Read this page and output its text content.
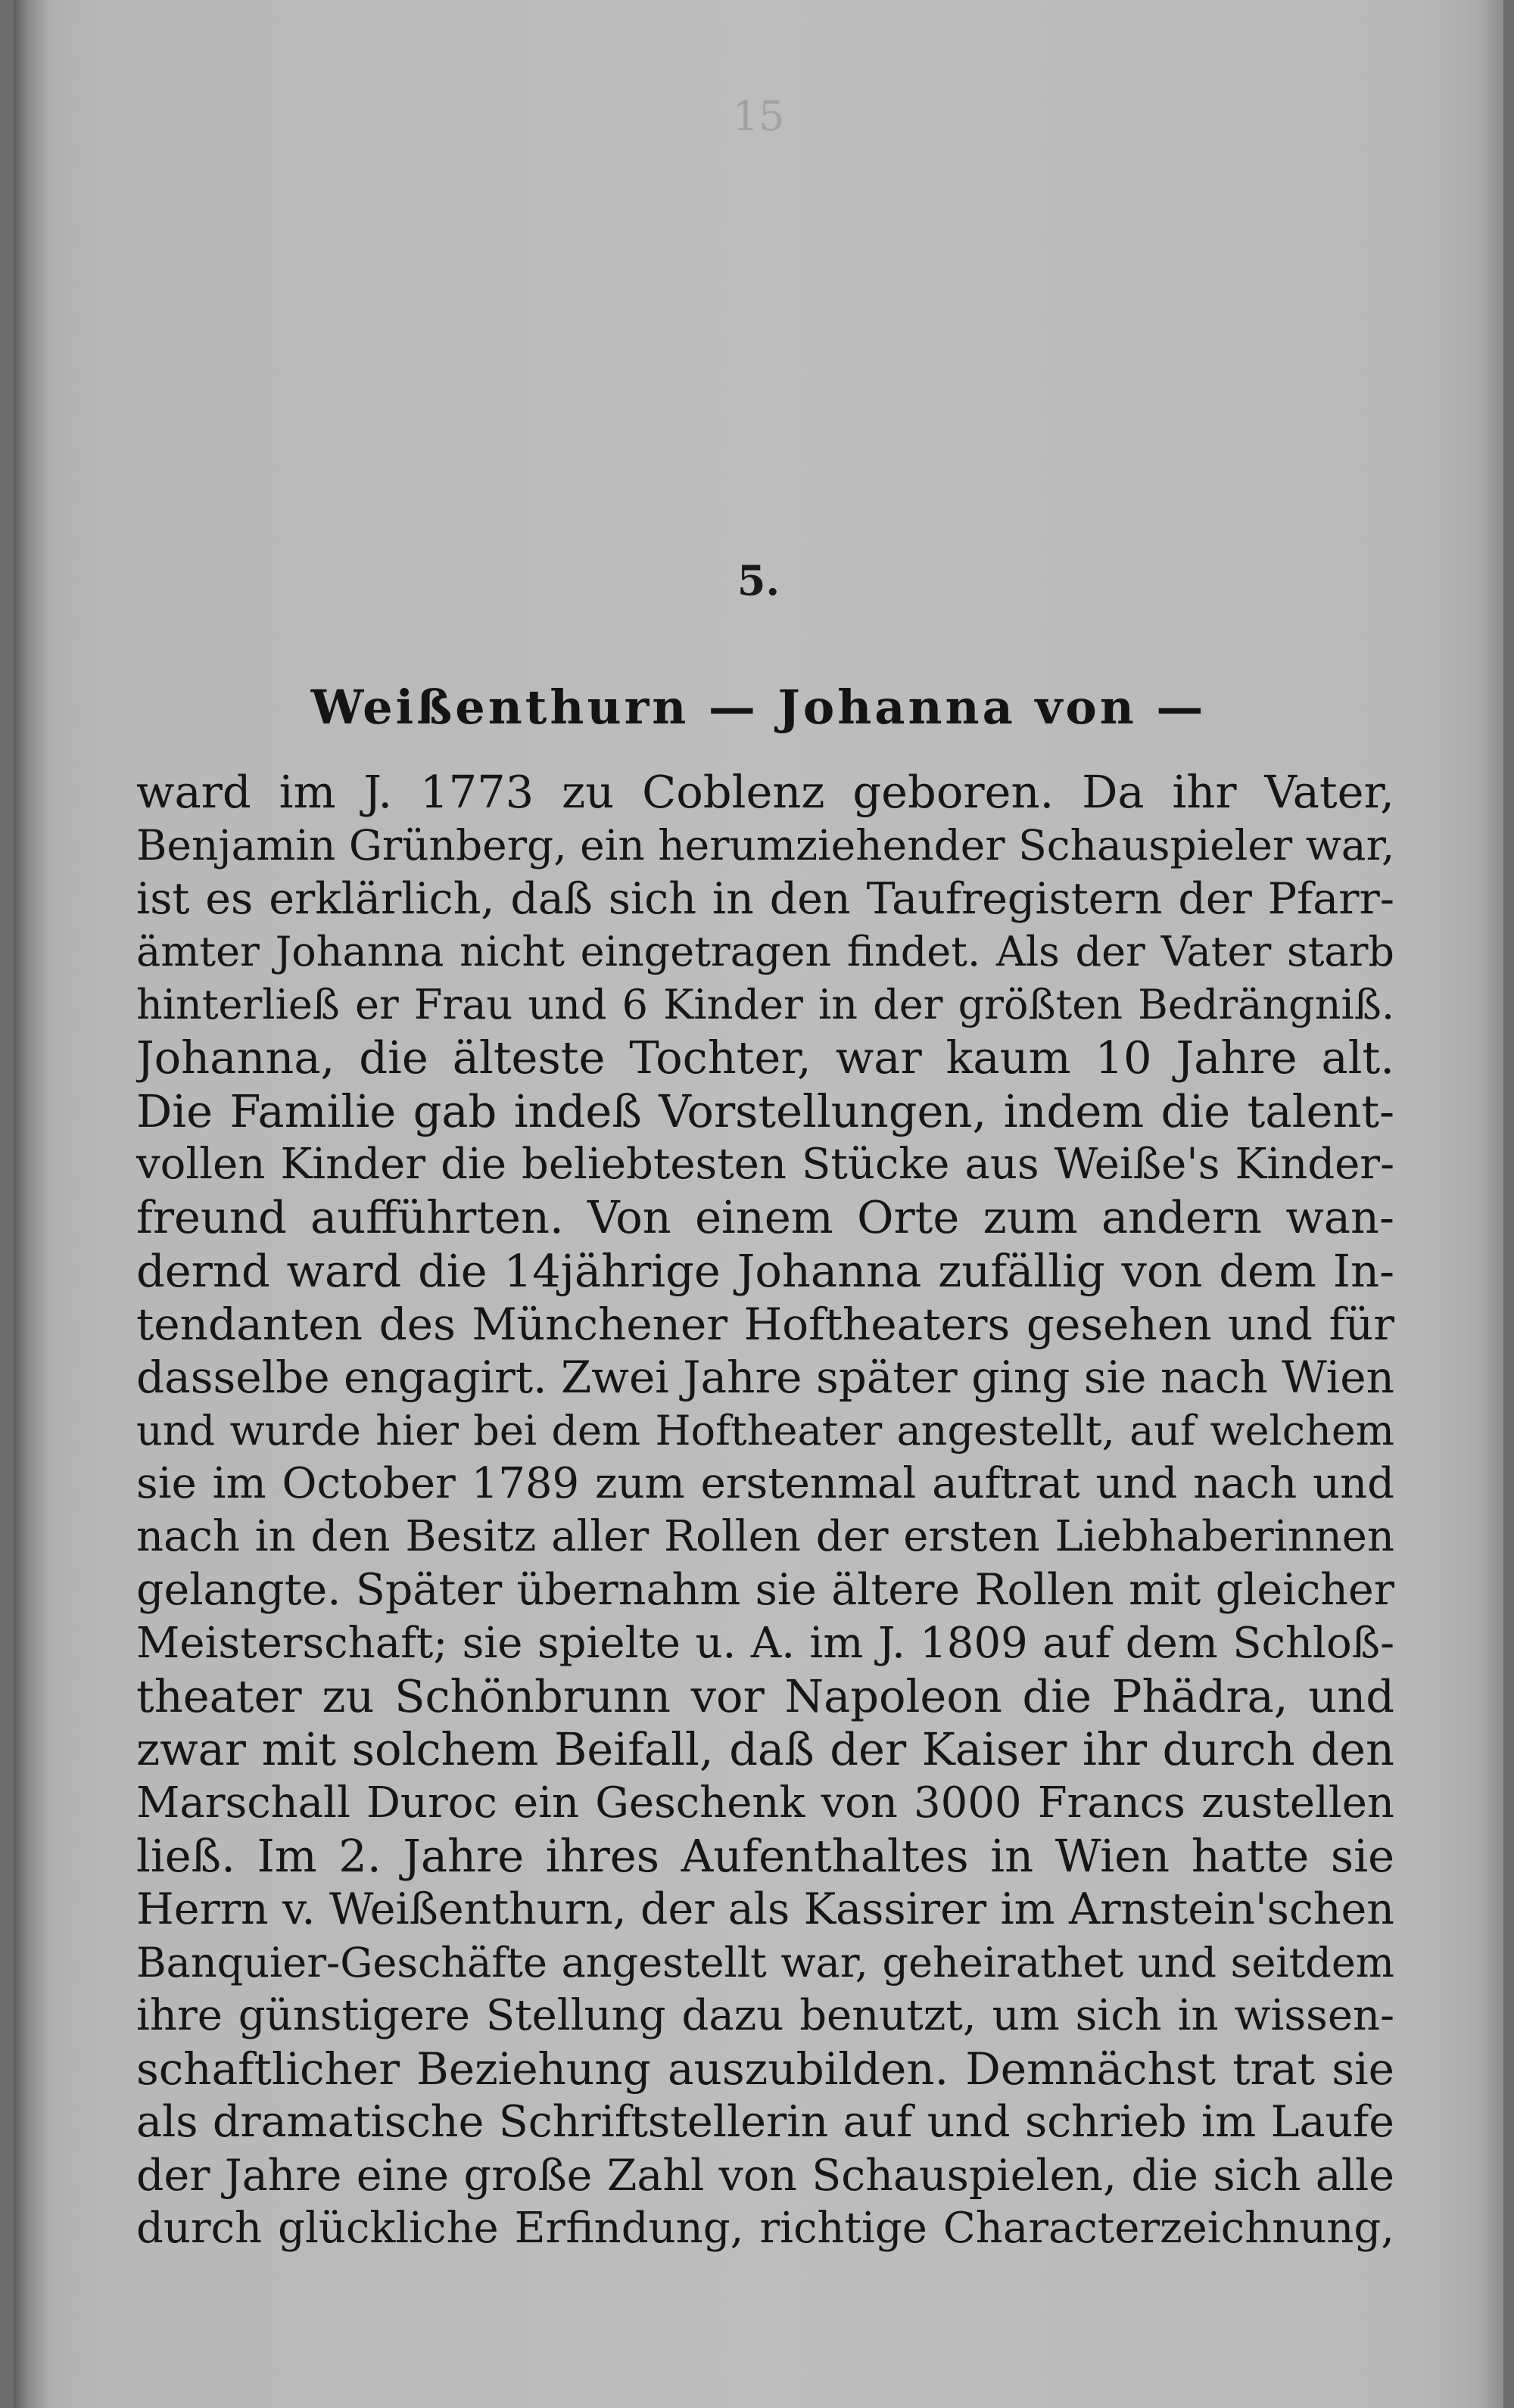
15
5.
Weißenthurn — Johanna von —
ward im J. 1773 zu Coblenz geboren. Da ihr Vater,
Benjamin Grünberg, ein herumziehender Schauspieler war,
ist es erklärlich, daß sich in den Taufregistern der Pfarr-
ämter Johanna nicht eingetragen findet. Als der Vater starb
hinterließ er Frau und 6 Kinder in der größten Bedrängniß.
Johanna, die älteste Tochter, war kaum 10 Jahre alt.
Die Familie gab indeß Vorstellungen, indem die talent-
vollen Kinder die beliebtesten Stücke aus Weiße's Kinder-
freund aufführten. Von einem Orte zum andern wan-
dernd ward die 14jährige Johanna zufällig von dem In-
tendanten des Münchener Hoftheaters gesehen und für
dasselbe engagirt. Zwei Jahre später ging sie nach Wien
und wurde hier bei dem Hoftheater angestellt, auf welchem
sie im October 1789 zum erstenmal auftrat und nach und
nach in den Besitz aller Rollen der ersten Liebhaberinnen
gelangte. Später übernahm sie ältere Rollen mit gleicher
Meisterschaft; sie spielte u. A. im J. 1809 auf dem Schloß-
theater zu Schönbrunn vor Napoleon die Phädra, und
zwar mit solchem Beifall, daß der Kaiser ihr durch den
Marschall Duroc ein Geschenk von 3000 Francs zustellen
ließ. Im 2. Jahre ihres Aufenthaltes in Wien hatte sie
Herrn v. Weißenthurn, der als Kassirer im Arnstein'schen
Banquier-Geschäfte angestellt war, geheirathet und seitdem
ihre günstigere Stellung dazu benutzt, um sich in wissen-
schaftlicher Beziehung auszubilden. Demnächst trat sie
als dramatische Schriftstellerin auf und schrieb im Laufe
der Jahre eine große Zahl von Schauspielen, die sich alle
durch glückliche Erfindung, richtige Characterzeichnung,
